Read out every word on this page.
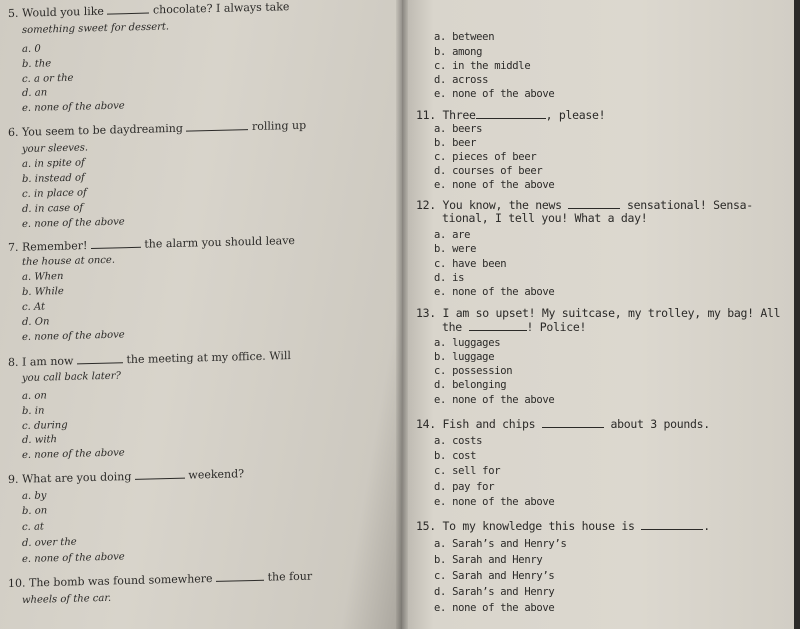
5. Would you like	chocolate? I always take
something sweet for dessert.
a. 0
b. the
c. a or the
d. an
e. none of the above
6. You seem to be daydreaming	rolling up
your sleeves.
a. in spite of
b. instead of
c. in place of
d. in case of
e. none of the above
7. Remember!	the alarm you should leave
the house at once.
a. When
b. While
c. At
d. On
e. none of the above
8. I am now	the meeting at my office. Will
you call back later?
a. on
b. in
c. during
d. with
e. none of the above
9. What are you doing	weekend?
a. by
b. on
c. at
d. over the
e. none of the above
10. The bomb was found somewhere	the four
wheels of the car.
a. between
b. among
c. in the middle
d. across
e. none of the above
11. Three	, please!
a. beers
b. beer
c. pieces of beer
d. courses of beer
e. none of the above
12. You know, the news	sensational! Sensa-
tional, I tell you! What a day!
a. are
b. were
c. have been
d. is
e. none of the above
13. I am so upset! My suitcase, my trolley, my bag! All
the	! Police!
a. luggages
b. luggage
c. possession
d. belonging
e. none of the above
14. Fish and chips	about 3 pounds.
a. costs
b. cost
c. sell for
d. pay for
e. none of the above
15. To my knowledge this house is	.
a. Sarah’s and Henry’s
b. Sarah and Henry
c. Sarah and Henry’s
d. Sarah’s and Henry
e. none of the above
